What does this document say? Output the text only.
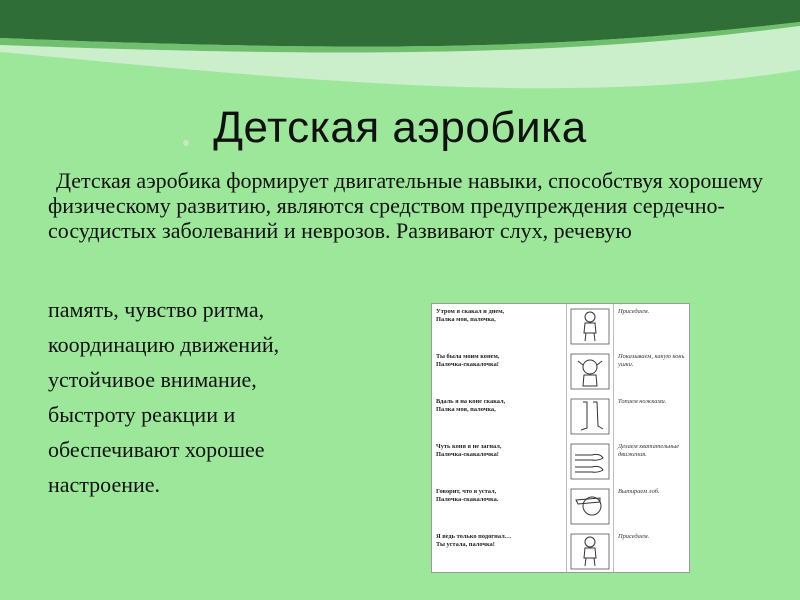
Детская аэробика

Детская аэробика формирует двигательные навыки, способствуя хорошему физическому развитию, являются средством предупреждения сердечно-сосудистых заболеваний и неврозов. Развивают слух, речевую

память, чувство ритма,
координацию движений,
устойчивое внимание,
быстроту реакции и
обеспечивают хорошее
настроение.
Утром я скакал и днем,
Палка моя, палочка,
Приседаем.
Ты была моим конем,
Палочка-скакалочка!
Показываем, какую конь ушки.
Вдаль я на коне скакал,
Палка моя, палочка,
Топаем ножками.
Чуть коня я не загнал,
Палочка-скакалочка!
Делаем хватательные движения.
Говорит, что я устал,
Палочка-скакалочка.
Вытираем лоб.
Я ведь только подогнал…
Ты устала, палочка!
Приседаем.
